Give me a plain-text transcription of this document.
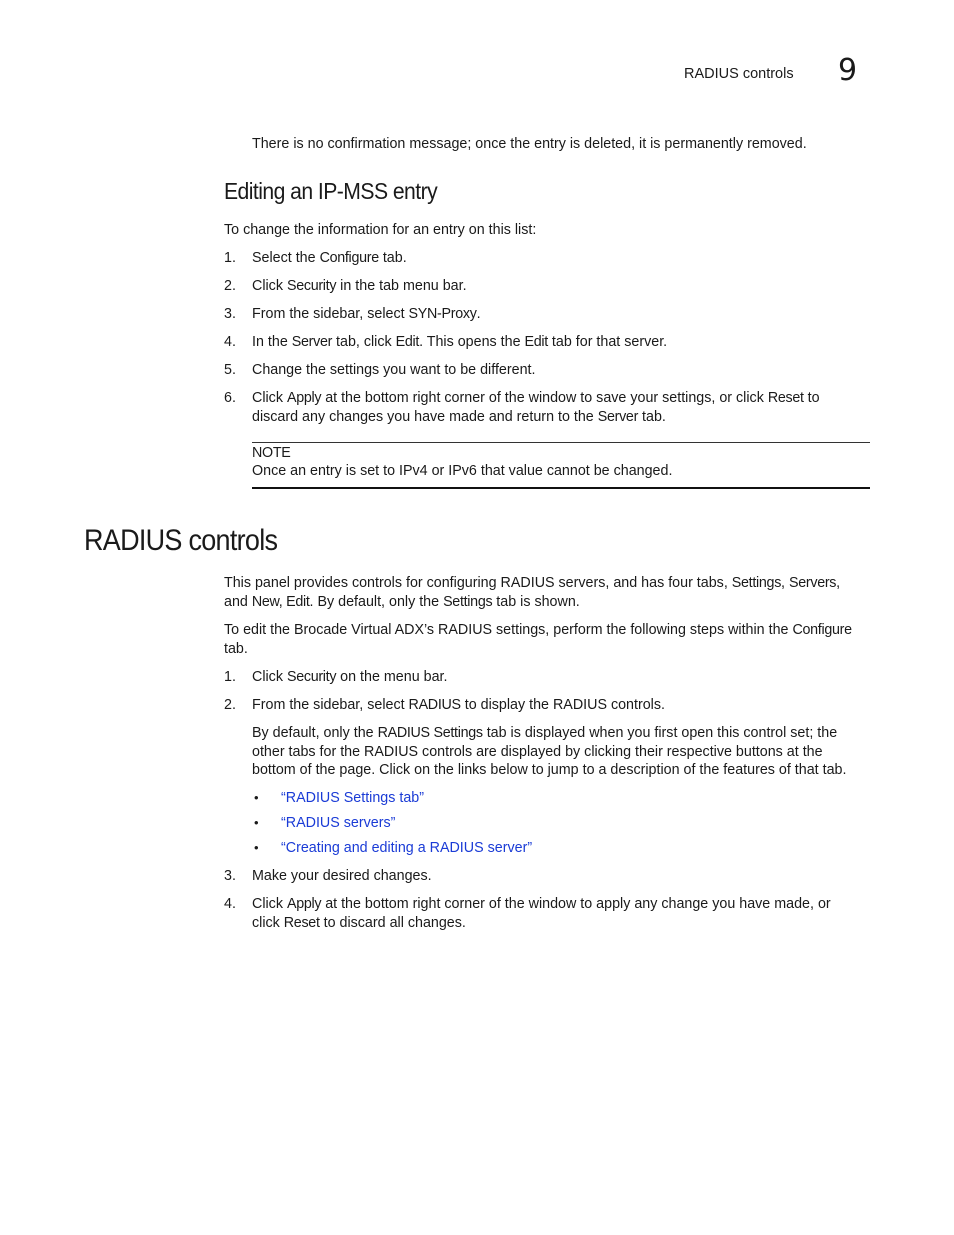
RADIUS controls 9

There is no confirmation message; once the entry is deleted, it is permanently removed.

Editing an IP-MSS entry

To change the information for an entry on this list:

1. Select the Configure tab.

2. Click Security in the tab menu bar.

3. From the sidebar, select SYN-Proxy.

4. In the Server tab, click Edit. This opens the Edit tab for that server.

5. Change the settings you want to be different.

6. Click Apply at the bottom right corner of the window to save your settings, or click Reset to

discard any changes you have made and return to the Server tab.

NOTE

Once an entry is set to IPv4 or IPv6 that value cannot be changed.

RADIUS controls

This panel provides controls for configuring RADIUS servers, and has four tabs, Settings, Servers,

and New, Edit. By default, only the Settings tab is shown.

To edit the Brocade Virtual ADX’s RADIUS settings, perform the following steps within the Configure

tab.

1. Click Security on the menu bar.

2. From the sidebar, select RADIUS to display the RADIUS controls.

By default, only the RADIUS Settings tab is displayed when you first open this control set; the

other tabs for the RADIUS controls are displayed by clicking their respective buttons at the

bottom of the page. Click on the links below to jump to a description of the features of that tab.

• “RADIUS Settings tab”

• “RADIUS servers”

• “Creating and editing a RADIUS server”

3. Make your desired changes.

4. Click Apply at the bottom right corner of the window to apply any change you have made, or

click Reset to discard all changes.
